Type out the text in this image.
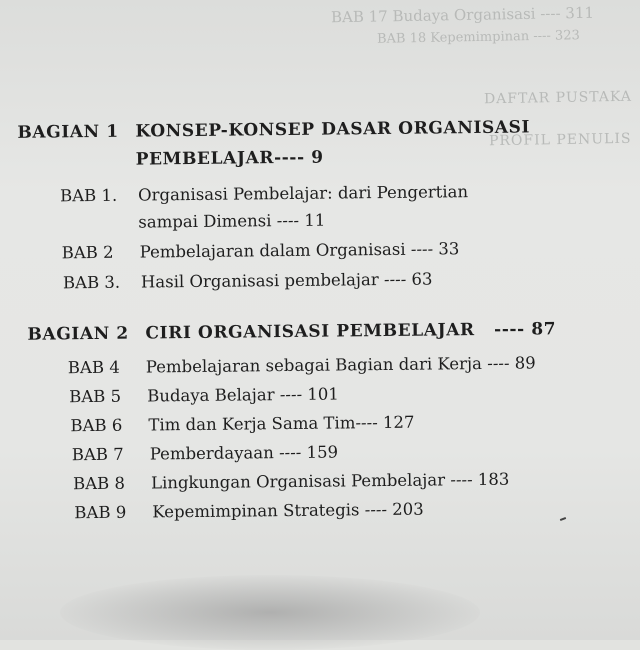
BAB 17 Budaya Organisasi ---- 311
BAB 18 Kepemimpinan ---- 323
DAFTAR PUSTAKA
PROFIL PENULIS
BAGIAN 1 KONSEP-KONSEP DASAR ORGANISASI
PEMBELAJAR---- 9
BAB 1. Organisasi Pembelajar: dari Pengertian
sampai Dimensi ---- 11
BAB 2 Pembelajaran dalam Organisasi ---- 33
BAB 3. Hasil Organisasi pembelajar ---- 63
BAGIAN 2 CIRI ORGANISASI PEMBELAJAR ---- 87
BAB 4 Pembelajaran sebagai Bagian dari Kerja ---- 89
BAB 5 Budaya Belajar ---- 101
BAB 6 Tim dan Kerja Sama Tim---- 127
BAB 7 Pemberdayaan ---- 159
BAB 8 Lingkungan Organisasi Pembelajar ---- 183
BAB 9 Kepemimpinan Strategis ---- 203
